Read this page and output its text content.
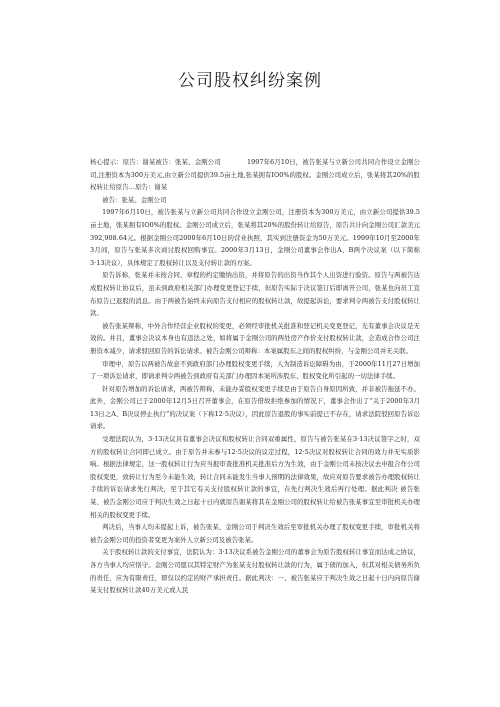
公司股权纠纷案例

核心提示：原告：谢某被告：张某、金刚公司　　　　1997年6月10日，被告张某与立新公司共同合作设立金刚公司,注册资本为300万美元,由立新公司提供39.5亩土地,张某拥有IO0%的股权。金刚公司成立后，张某将其20%的股权转让给原告…原告：谢某

被告：张某、金刚公司

1997年6月10日，被告张某与立新公司共同合作设立金刚公司，注册资本为300万美元，由立新公司提供39.5亩土地，张某拥有IO0%的股权。金刚公司成立后，张某将其20%的股份转让给原告，原告共计向金刚公司汇款美元392,908.64元。根据金刚公司2000年6月10日的营业执照，其实到注册资金为50万美元。1999年10月至2000年3月间，原告与张某多次商讨股权回购事宜。2000年3月13日，金刚公司董事会作出A、B两个决议案（以下简称3·13决议），具体规定了股权转让以及支付转让款的方案。

原告诉称，张某并未按合同、章程的约定缴纳出资，并将原告的出资当作其个人出资进行验资。原告与两被告达成股权转让协议后，虽未到政府相关部门办理变更登记手续，但原告实际于决议签订后即离开公司，张某也向员工宣布原告已退股的消息。由于两被告始终未向原告支付相应的股权转让款，故提起诉讼，要求判令两被告支付股权转让款。

被告张某辩称，中外合作经营企业股权的变更，必须经审批机关批准和登记机关变更登记，光有董事会决议是无效的。并且，董事会决议本身也有违法之处，如将属于金刚公司的两处房产作价支付股权转让款，会造成合作公司注册资本减少，请求驳回原告的诉讼请求。被告金刚公司辩称：本案属股东之间的股权纠纷，与金刚公司并无关联。

审理中，原告以两被告故意不到政府部门办理股权变更手续，人为制造诉讼障碍为由，于2000年11月27日增加了一项诉讼请求，即请求判令两被告到政府有关部门办理因本案所涉股东、股权变化所引起的一切法律手续。

针对原告增加的诉讼请求，两被告辩称，未能办妥股权变更手续是由于原告自身原因所致，并非被告拖延不办。此外，金刚公司已于2000年12月5日召开董事会，在原告借故拒绝参加的情况下，董事会作出了“关于2000年3月13日之A、B决议停止执行”的决议案（下称12·5决议），因此原告退股的事实前提已不存在，请求法院驳回原告诉讼请求。

受理法院认为，3·13决议具有董事会决议和股权转让合同双重属性，原告与被告张某在3·13决议签字之时，双方的股权转让合同即已成立。由于原告并未参与12·5决议的议定过程，12·5决议对股权转让合同的效力并无实质影响。根据法律规定，这一股权转让行为应当报审查批准机关批准后方为生效，由于金刚公司未按决议去申报合作公司股权变更，致转让行为至今未能生效，转让合同未能发生当事人预期的法律效果，故应对原告要求被告办理股权转让手续的诉讼请求先行判决，至于其它有关支付股权转让款的事宜，在先行判决生效后再行处理。据此判决 被告张某、被告金刚公司应于判决生效之日起十日内就原告谢某将其在金刚公司的股权转让给被告张某事宜至审批机关办理相关的股权变更手续。

判决后，当事人均未提起上诉，被告张某、金刚公司于判决生效后至审批机关办理了股权变更手续，审批机关将被告金刚公司的投资者变更为案外人立新公司及被告张某。

关于股权转让款的支付事宜，法院认为：3·13决议系被告金刚公司的董事会为原告股权转让事宜而达成之协议，各方当事人均应恪守。金刚公司愿以其特定财产为张某支付股权转让款的行为，属于债的加入，但其对相关债务所负的责任，应为有限责任，即仅以约定的财产承担责任。据此判决：一、被告张某应于判决生效之日起十日内向原告谢某支付股权转让款40万美元或人民
